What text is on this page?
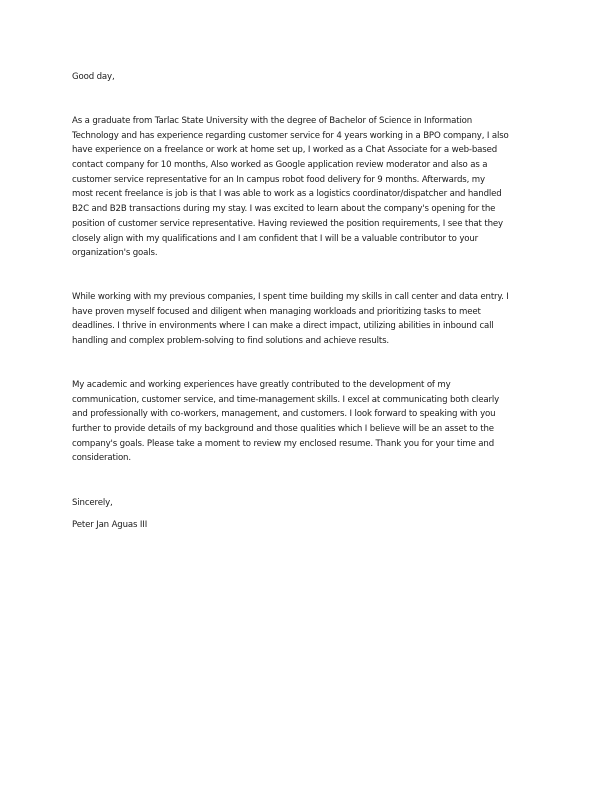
Good day,
As a graduate from Tarlac State University with the degree of Bachelor of Science in Information
Technology and has experience regarding customer service for 4 years working in a BPO company, I also
have experience on a freelance or work at home set up, I worked as a Chat Associate for a web-based
contact company for 10 months, Also worked as Google application review moderator and also as a
customer service representative for an In campus robot food delivery for 9 months. Afterwards, my
most recent freelance is job is that I was able to work as a logistics coordinator/dispatcher and handled
B2C and B2B transactions during my stay. I was excited to learn about the company's opening for the
position of customer service representative. Having reviewed the position requirements, I see that they
closely align with my qualifications and I am confident that I will be a valuable contributor to your
organization's goals.
While working with my previous companies, I spent time building my skills in call center and data entry. I
have proven myself focused and diligent when managing workloads and prioritizing tasks to meet
deadlines. I thrive in environments where I can make a direct impact, utilizing abilities in inbound call
handling and complex problem-solving to find solutions and achieve results.
My academic and working experiences have greatly contributed to the development of my
communication, customer service, and time-management skills. I excel at communicating both clearly
and professionally with co-workers, management, and customers. I look forward to speaking with you
further to provide details of my background and those qualities which I believe will be an asset to the
company's goals. Please take a moment to review my enclosed resume. Thank you for your time and
consideration.
Sincerely,
Peter Jan Aguas III
